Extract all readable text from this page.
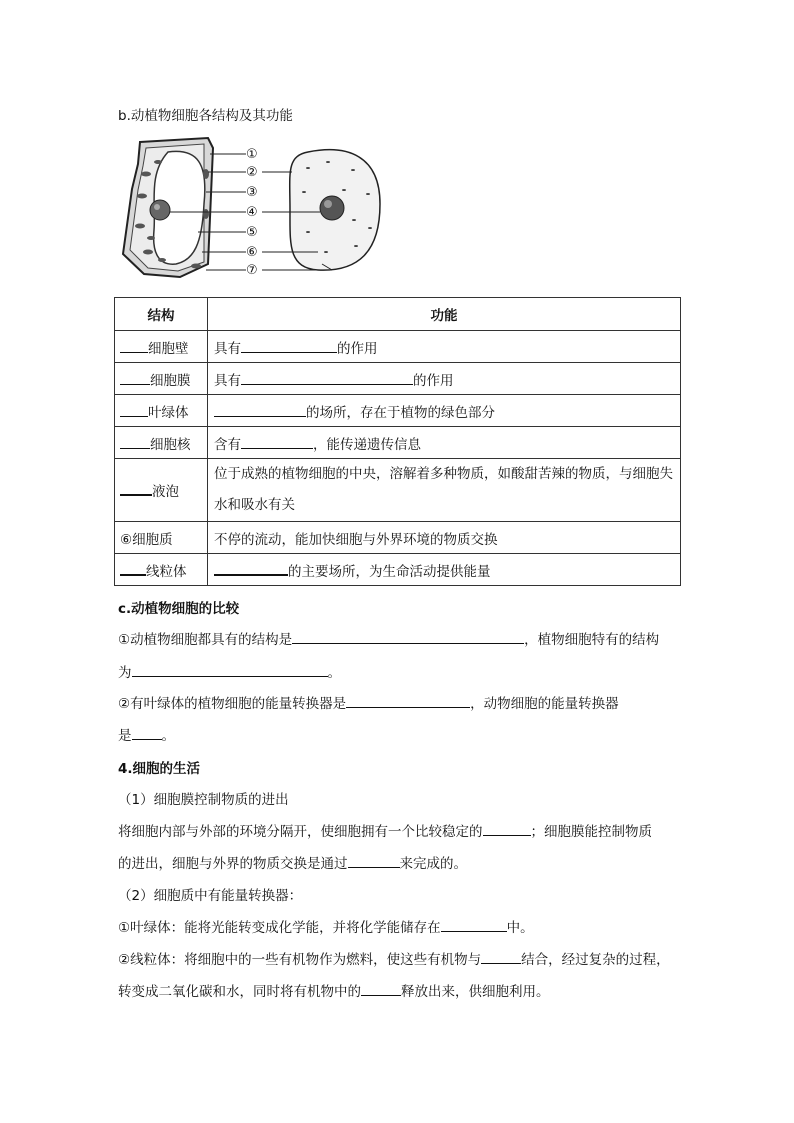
b.动植物细胞各结构及其功能
①
②
③
④
⑤
⑥
⑦
结构	功能
细胞壁	具有 的作用
细胞膜	具有 的作用
叶绿体	的场所，存在于植物的绿色部分
细胞核	含有 ，能传递遗传信息
液泡	位于成熟的植物细胞的中央，溶解着多种物质，如酸甜苦辣的物质，与细胞失水和吸水有关
⑥细胞质	不停的流动，能加快细胞与外界环境的物质交换
线粒体	的主要场所，为生命活动提供能量
c.动植物细胞的比较
①动植物细胞都具有的结构是	，植物细胞特有的结构
为	。
②有叶绿体的植物细胞的能量转换器是	，动物细胞的能量转换器
是 。
4.细胞的生活
（1）细胞膜控制物质的进出
将细胞内部与外部的环境分隔开，使细胞拥有一个比较稳定的	；细胞膜能控制物质
的进出，细胞与外界的物质交换是通过	来完成的。
（2）细胞质中有能量转换器：
①叶绿体：能将光能转变成化学能，并将化学能储存在	中。
②线粒体：将细胞中的一些有机物作为燃料，使这些有机物与	结合，经过复杂的过程，
转变成二氧化碳和水，同时将有机物中的	释放出来，供细胞利用。
